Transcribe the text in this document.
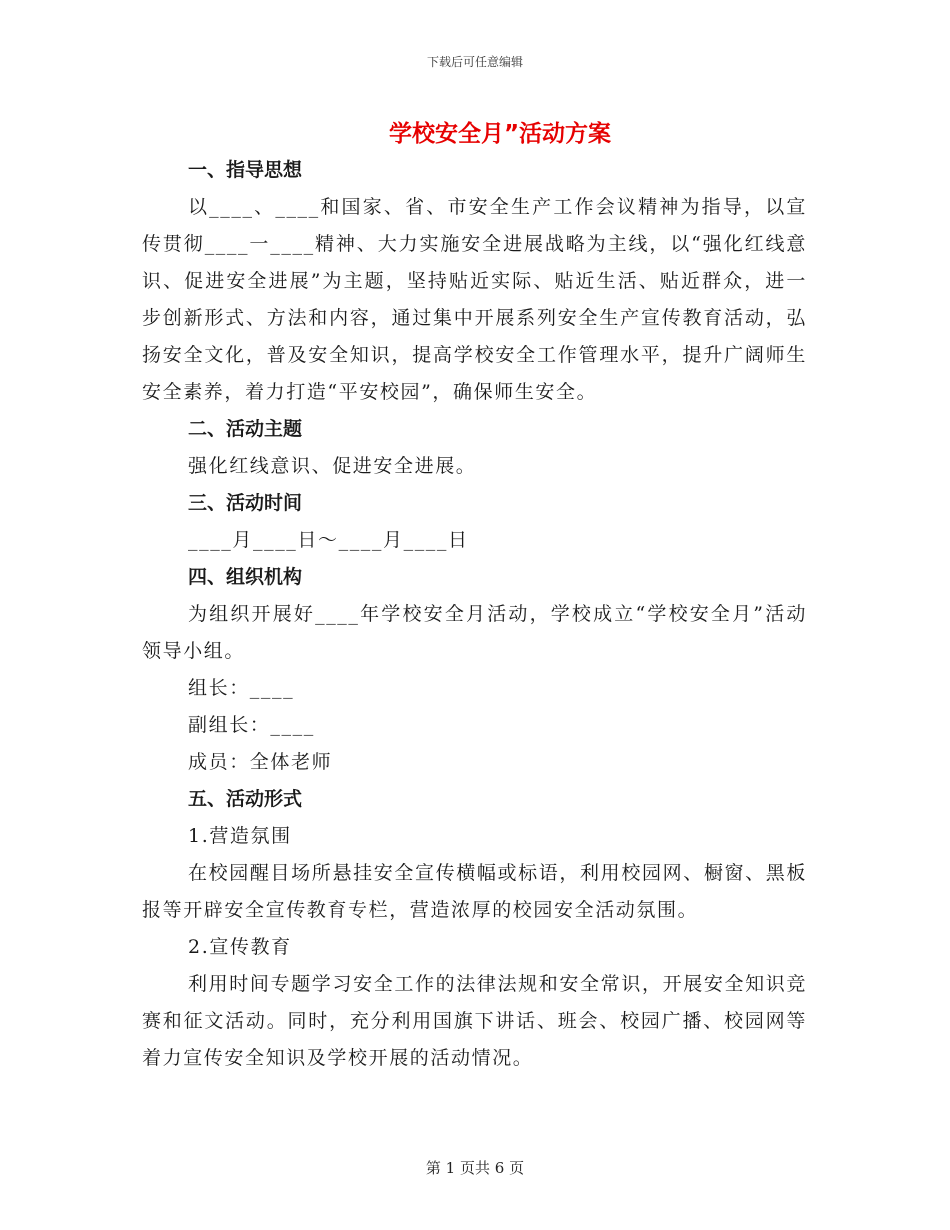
下载后可任意编辑
学校安全月”活动方案
一、指导思想
以____、____和国家、省、市安全生产工作会议精神为指导，以宣传贯彻____一____精神、大力实施安全进展战略为主线，以“强化红线意识、促进安全进展”为主题，坚持贴近实际、贴近生活、贴近群众，进一步创新形式、方法和内容，通过集中开展系列安全生产宣传教育活动，弘扬安全文化，普及安全知识，提高学校安全工作管理水平，提升广阔师生安全素养，着力打造“平安校园”，确保师生安全。
二、活动主题
强化红线意识、促进安全进展。
三、活动时间
____月____日～____月____日
四、组织机构
为组织开展好____年学校安全月活动，学校成立“学校安全月”活动领导小组。
组长：____
副组长：____
成员：全体老师
五、活动形式
1.营造氛围
在校园醒目场所悬挂安全宣传横幅或标语，利用校园网、橱窗、黑板报等开辟安全宣传教育专栏，营造浓厚的校园安全活动氛围。
2.宣传教育
利用时间专题学习安全工作的法律法规和安全常识，开展安全知识竞赛和征文活动。同时，充分利用国旗下讲话、班会、校园广播、校园网等着力宣传安全知识及学校开展的活动情况。
第 1 页共 6 页
